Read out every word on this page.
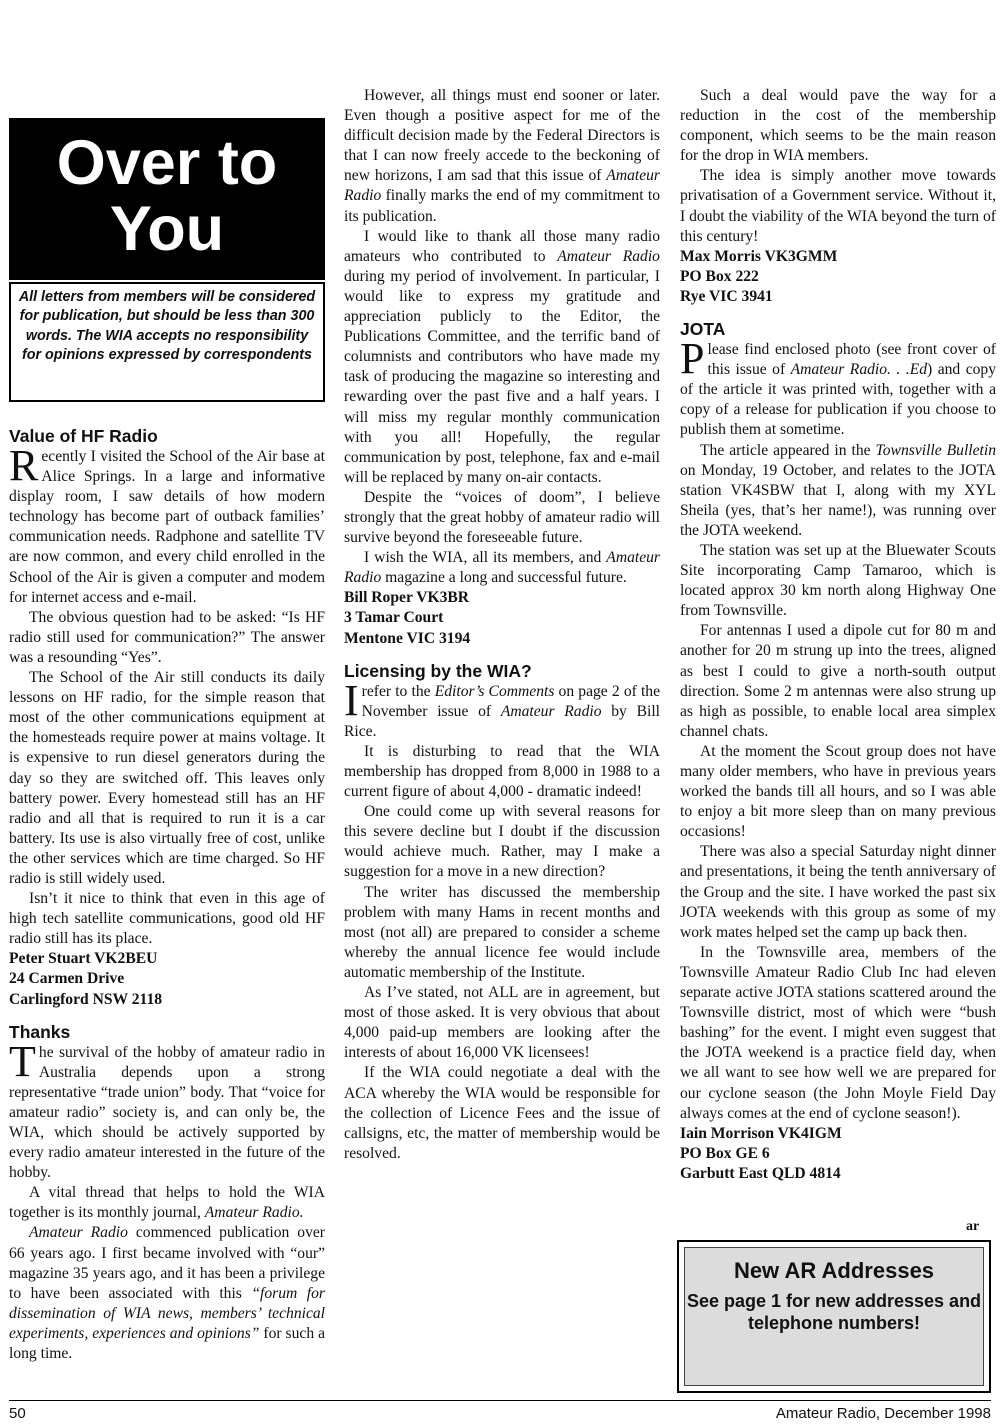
Over to
You
All letters from members will be considered for publication, but should be less than 300 words. The WIA accepts no responsibility for opinions expressed by correspondents
Value of HF Radio

Recently I visited the School of the Air base at Alice Springs. In a large and informative display room, I saw details of how modern technology has become part of outback families’ communication needs. Radphone and satellite TV are now common, and every child enrolled in the School of the Air is given a computer and modem for internet access and e-mail.

The obvious question had to be asked: “Is HF radio still used for communication?” The answer was a resounding “Yes”.

The School of the Air still conducts its daily lessons on HF radio, for the simple reason that most of the other communications equipment at the homesteads require power at mains voltage. It is expensive to run diesel generators during the day so they are switched off. This leaves only battery power. Every homestead still has an HF radio and all that is required to run it is a car battery. Its use is also virtually free of cost, unlike the other services which are time charged. So HF radio is still widely used.

Isn’t it nice to think that even in this age of high tech satellite communications, good old HF radio still has its place.

Peter Stuart VK2BEU

24 Carmen Drive

Carlingford NSW 2118

Thanks

The survival of the hobby of amateur radio in Australia depends upon a strong representative “trade union” body. That “voice for amateur radio” society is, and can only be, the WIA, which should be actively supported by every radio amateur interested in the future of the hobby.

A vital thread that helps to hold the WIA together is its monthly journal, Amateur Radio.

Amateur Radio commenced publication over 66 years ago. I first became involved with “our” magazine 35 years ago, and it has been a privilege to have been associated with this “forum for dissemination of WIA news, members’ technical experiments, experiences and opinions” for such a long time.

However, all things must end sooner or later. Even though a positive aspect for me of the difficult decision made by the Federal Directors is that I can now freely accede to the beckoning of new horizons, I am sad that this issue of Amateur Radio finally marks the end of my commitment to its publication.

I would like to thank all those many radio amateurs who contributed to Amateur Radio during my period of involvement. In particular, I would like to express my gratitude and appreciation publicly to the Editor, the Publications Committee, and the terrific band of columnists and contributors who have made my task of producing the magazine so interesting and rewarding over the past five and a half years. I will miss my regular monthly communication with you all! Hopefully, the regular communication by post, telephone, fax and e-mail will be replaced by many on-air contacts.

Despite the “voices of doom”, I believe strongly that the great hobby of amateur radio will survive beyond the foreseeable future.

I wish the WIA, all its members, and Amateur Radio magazine a long and successful future.

Bill Roper VK3BR

3 Tamar Court

Mentone VIC 3194

Licensing by the WIA?

I refer to the Editor’s Comments on page 2 of the November issue of Amateur Radio by Bill Rice.

It is disturbing to read that the WIA membership has dropped from 8,000 in 1988 to a current figure of about 4,000 - dramatic indeed!

One could come up with several reasons for this severe decline but I doubt if the discussion would achieve much. Rather, may I make a suggestion for a move in a new direction?

The writer has discussed the membership problem with many Hams in recent months and most (not all) are prepared to consider a scheme whereby the annual licence fee would include automatic membership of the Institute.

As I’ve stated, not ALL are in agreement, but most of those asked. It is very obvious that about 4,000 paid-up members are looking after the interests of about 16,000 VK licensees!

If the WIA could negotiate a deal with the ACA whereby the WIA would be responsible for the collection of Licence Fees and the issue of callsigns, etc, the matter of membership would be resolved.

Such a deal would pave the way for a reduction in the cost of the membership component, which seems to be the main reason for the drop in WIA members.

The idea is simply another move towards privatisation of a Government service. Without it, I doubt the viability of the WIA beyond the turn of this century!

Max Morris VK3GMM

PO Box 222

Rye VIC 3941

JOTA

Please find enclosed photo (see front cover of this issue of Amateur Radio. . .Ed) and copy of the article it was printed with, together with a copy of a release for publication if you choose to publish them at sometime.

The article appeared in the Townsville Bulletin on Monday, 19 October, and relates to the JOTA station VK4SBW that I, along with my XYL Sheila (yes, that’s her name!), was running over the JOTA weekend.

The station was set up at the Bluewater Scouts Site incorporating Camp Tamaroo, which is located approx 30 km north along Highway One from Townsville.

For antennas I used a dipole cut for 80 m and another for 20 m strung up into the trees, aligned as best I could to give a north-south output direction. Some 2 m antennas were also strung up as high as possible, to enable local area simplex channel chats.

At the moment the Scout group does not have many older members, who have in previous years worked the bands till all hours, and so I was able to enjoy a bit more sleep than on many previous occasions!

There was also a special Saturday night dinner and presentations, it being the tenth anniversary of the Group and the site. I have worked the past six JOTA weekends with this group as some of my work mates helped set the camp up back then.

In the Townsville area, members of the Townsville Amateur Radio Club Inc had eleven separate active JOTA stations scattered around the Townsville district, most of which were “bush bashing” for the event. I might even suggest that the JOTA weekend is a practice field day, when we all want to see how well we are prepared for our cyclone season (the John Moyle Field Day always comes at the end of cyclone season!).

Iain Morrison VK4IGM

PO Box GE 6

Garbutt East QLD 4814

ar
New AR Addresses
See page 1 for new addresses and telephone numbers!
50	Amateur Radio, December 1998
